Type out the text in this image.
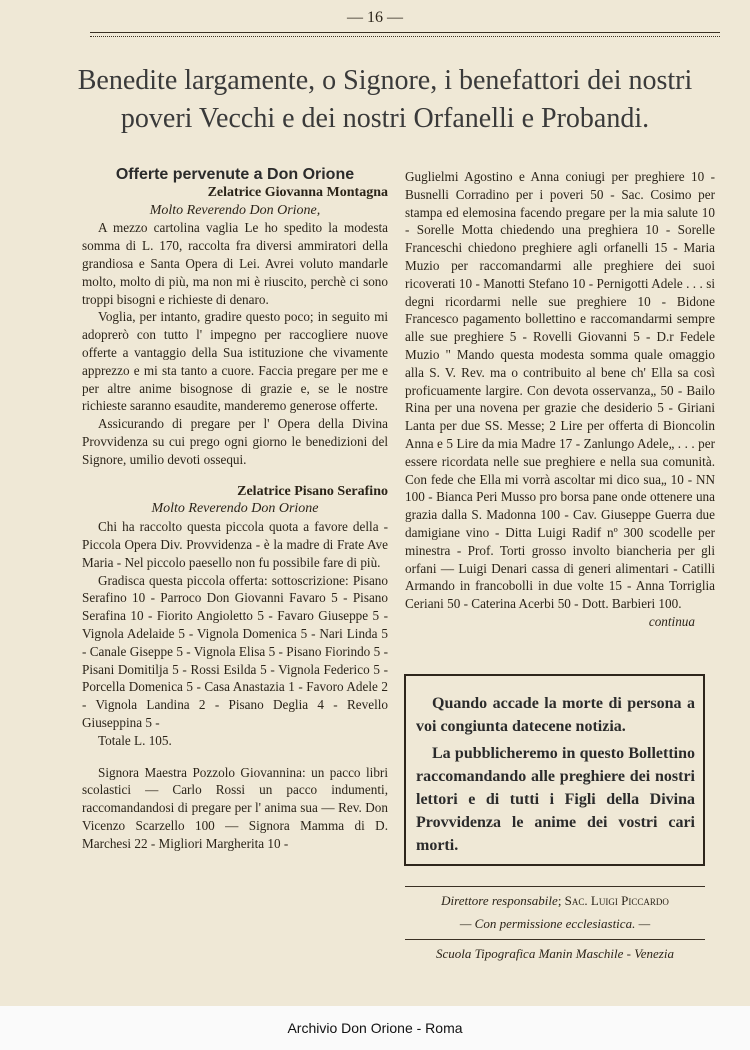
— 16 —
Benedite largamente, o Signore, i benefattori dei nostri
poveri Vecchi e dei nostri Orfanelli e Probandi.

Offerte pervenute a Don Orione

Zelatrice Giovanna Montagna

Molto Reverendo Don Orione,

A mezzo cartolina vaglia Le ho spedito la modesta somma di L. 170, raccolta fra diversi ammiratori della grandiosa e Santa Opera di Lei. Avrei voluto mandarle molto, molto di più, ma non mi è riuscito, perchè ci sono troppi bisogni e richieste di denaro.

Voglia, per intanto, gradire questo poco; in seguito mi adoprerò con tutto l' impegno per raccogliere nuove offerte a vantaggio della Sua istituzione che vivamente apprezzo e mi sta tanto a cuore. Faccia pregare per me e per altre anime bisognose di grazie e, se le nostre richieste saranno esaudite, manderemo generose offerte.

Assicurando di pregare per l' Opera della Divina Provvidenza su cui prego ogni giorno le benedizioni del Signore, umilio devoti ossequi.

Zelatrice Pisano Serafino

Molto Reverendo Don Orione

Chi ha raccolto questa piccola quota a favore della - Piccola Opera Div. Provvidenza - è la madre di Frate Ave Maria - Nel piccolo paesello non fu possibile fare di più.

Gradisca questa piccola offerta: sottoscrizione: Pisano Serafino 10 - Parroco Don Giovanni Favaro 5 - Pisano Serafina 10 - Fiorito Angioletto 5 - Favaro Giuseppe 5 - Vignola Adelaide 5 - Vignola Domenica 5 - Nari Linda 5 - Canale Giseppe 5 - Vignola Elisa 5 - Pisano Fiorindo 5 - Pisani Domitilja 5 - Rossi Esilda 5 - Vignola Federico 5 - Porcella Domenica 5 - Casa Anastazia 1 - Favoro Adele 2 - Vignola Landina 2 - Pisano Deglia 4 - Revello Giuseppina 5 -

Totale L. 105.

Signora Maestra Pozzolo Giovannina: un pacco libri scolastici — Carlo Rossi un pacco indumenti, raccomandandosi di pregare per l' anima sua — Rev. Don Vicenzo Scarzello 100 — Signora Mamma di D. Marchesi 22 - Migliori Margherita 10 -

Guglielmi Agostino e Anna coniugi per preghiere 10 - Busnelli Corradino per i poveri 50 - Sac. Cosimo per stampa ed elemosina facendo pregare per la mia salute 10 - Sorelle Motta chiedendo una preghiera 10 - Sorelle Franceschi chiedono preghiere agli orfanelli 15 - Maria Muzio per raccomandarmi alle preghiere dei suoi ricoverati 10 - Manotti Stefano 10 - Pernigotti Adele . . . si degni ricordarmi nelle sue preghiere 10 - Bidone Francesco pagamento bollettino e raccomandarmi sempre alle sue preghiere 5 - Rovelli Giovanni 5 - D.r Fedele Muzio " Mando questa modesta somma quale omaggio alla S. V. Rev. ma o contribuito al bene ch' Ella sa così proficuamente largire. Con devota osservanza„ 50 - Bailo Rina per una novena per grazie che desiderio 5 - Giriani Lanta per due SS. Messe; 2 Lire per offerta di Bioncolin Anna e 5 Lire da mia Madre 17 - Zanlungo Adele„ . . . per essere ricordata nelle sue preghiere e nella sua comunità. Con fede che Ella mi vorrà ascoltar mi dico sua„ 10 - NN 100 - Bianca Peri Musso pro borsa pane onde ottenere una grazia dalla S. Madonna 100 - Cav. Giuseppe Guerra due damigiane vino - Ditta Luigi Radif nº 300 scodelle per minestra - Prof. Torti grosso involto biancheria per gli orfani — Luigi Denari cassa di generi alimentari - Catilli Armando in francobolli in due volte 15 - Anna Torriglia Ceriani 50 - Caterina Acerbi 50 - Dott. Barbieri 100.

continua

Quando accade la morte di persona a voi congiunta datecene notizia.

La pubblicheremo in questo Bollettino raccomandando alle preghiere dei nostri lettori e di tutti i Figli della Divina Provvidenza le anime dei vostri cari morti.

Direttore responsabile; Sac. Luigi Piccardo
— Con permissione ecclesiastica. —
Scuola Tipografica Manin Maschile - Venezia
Archivio Don Orione - Roma
